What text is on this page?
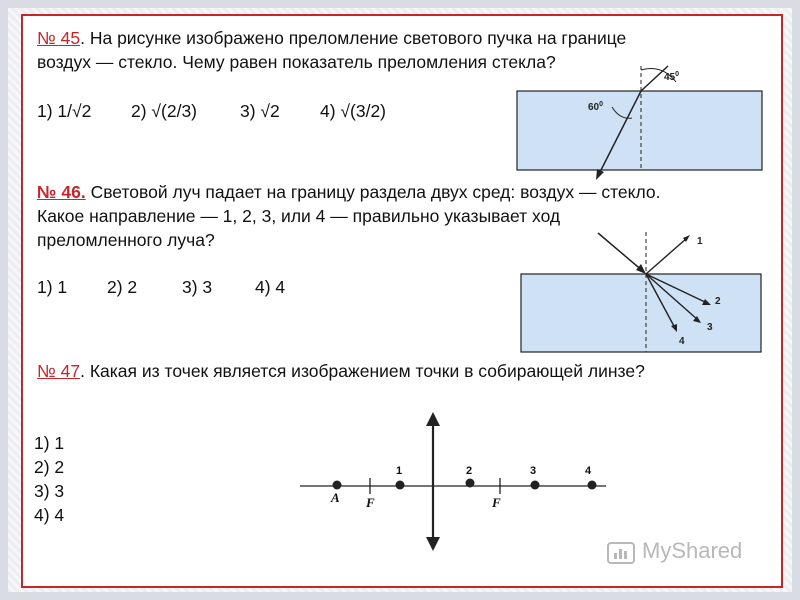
№ 45. На рисунке изображено преломление светового пучка на границе
воздух — стекло. Чему равен показатель преломления стекла?
1) 1/√2 2) √(2/3) 3) √2 4) √(3/2)
$45^0$
$60^0$
№ 46. Световой луч падает на границу раздела двух сред: воздух — стекло.
Какое направление — 1, 2, 3, или 4 — правильно указывает ход
преломленного луча?
1) 1 2) 2	3) 3 4) 4
1
2
3
4
№ 47. Какая из точек является изображением точки в собирающей линзе?
1) 1
2) 2
3) 3
4) 4
1	2	3	4
A F	F
MyShared
